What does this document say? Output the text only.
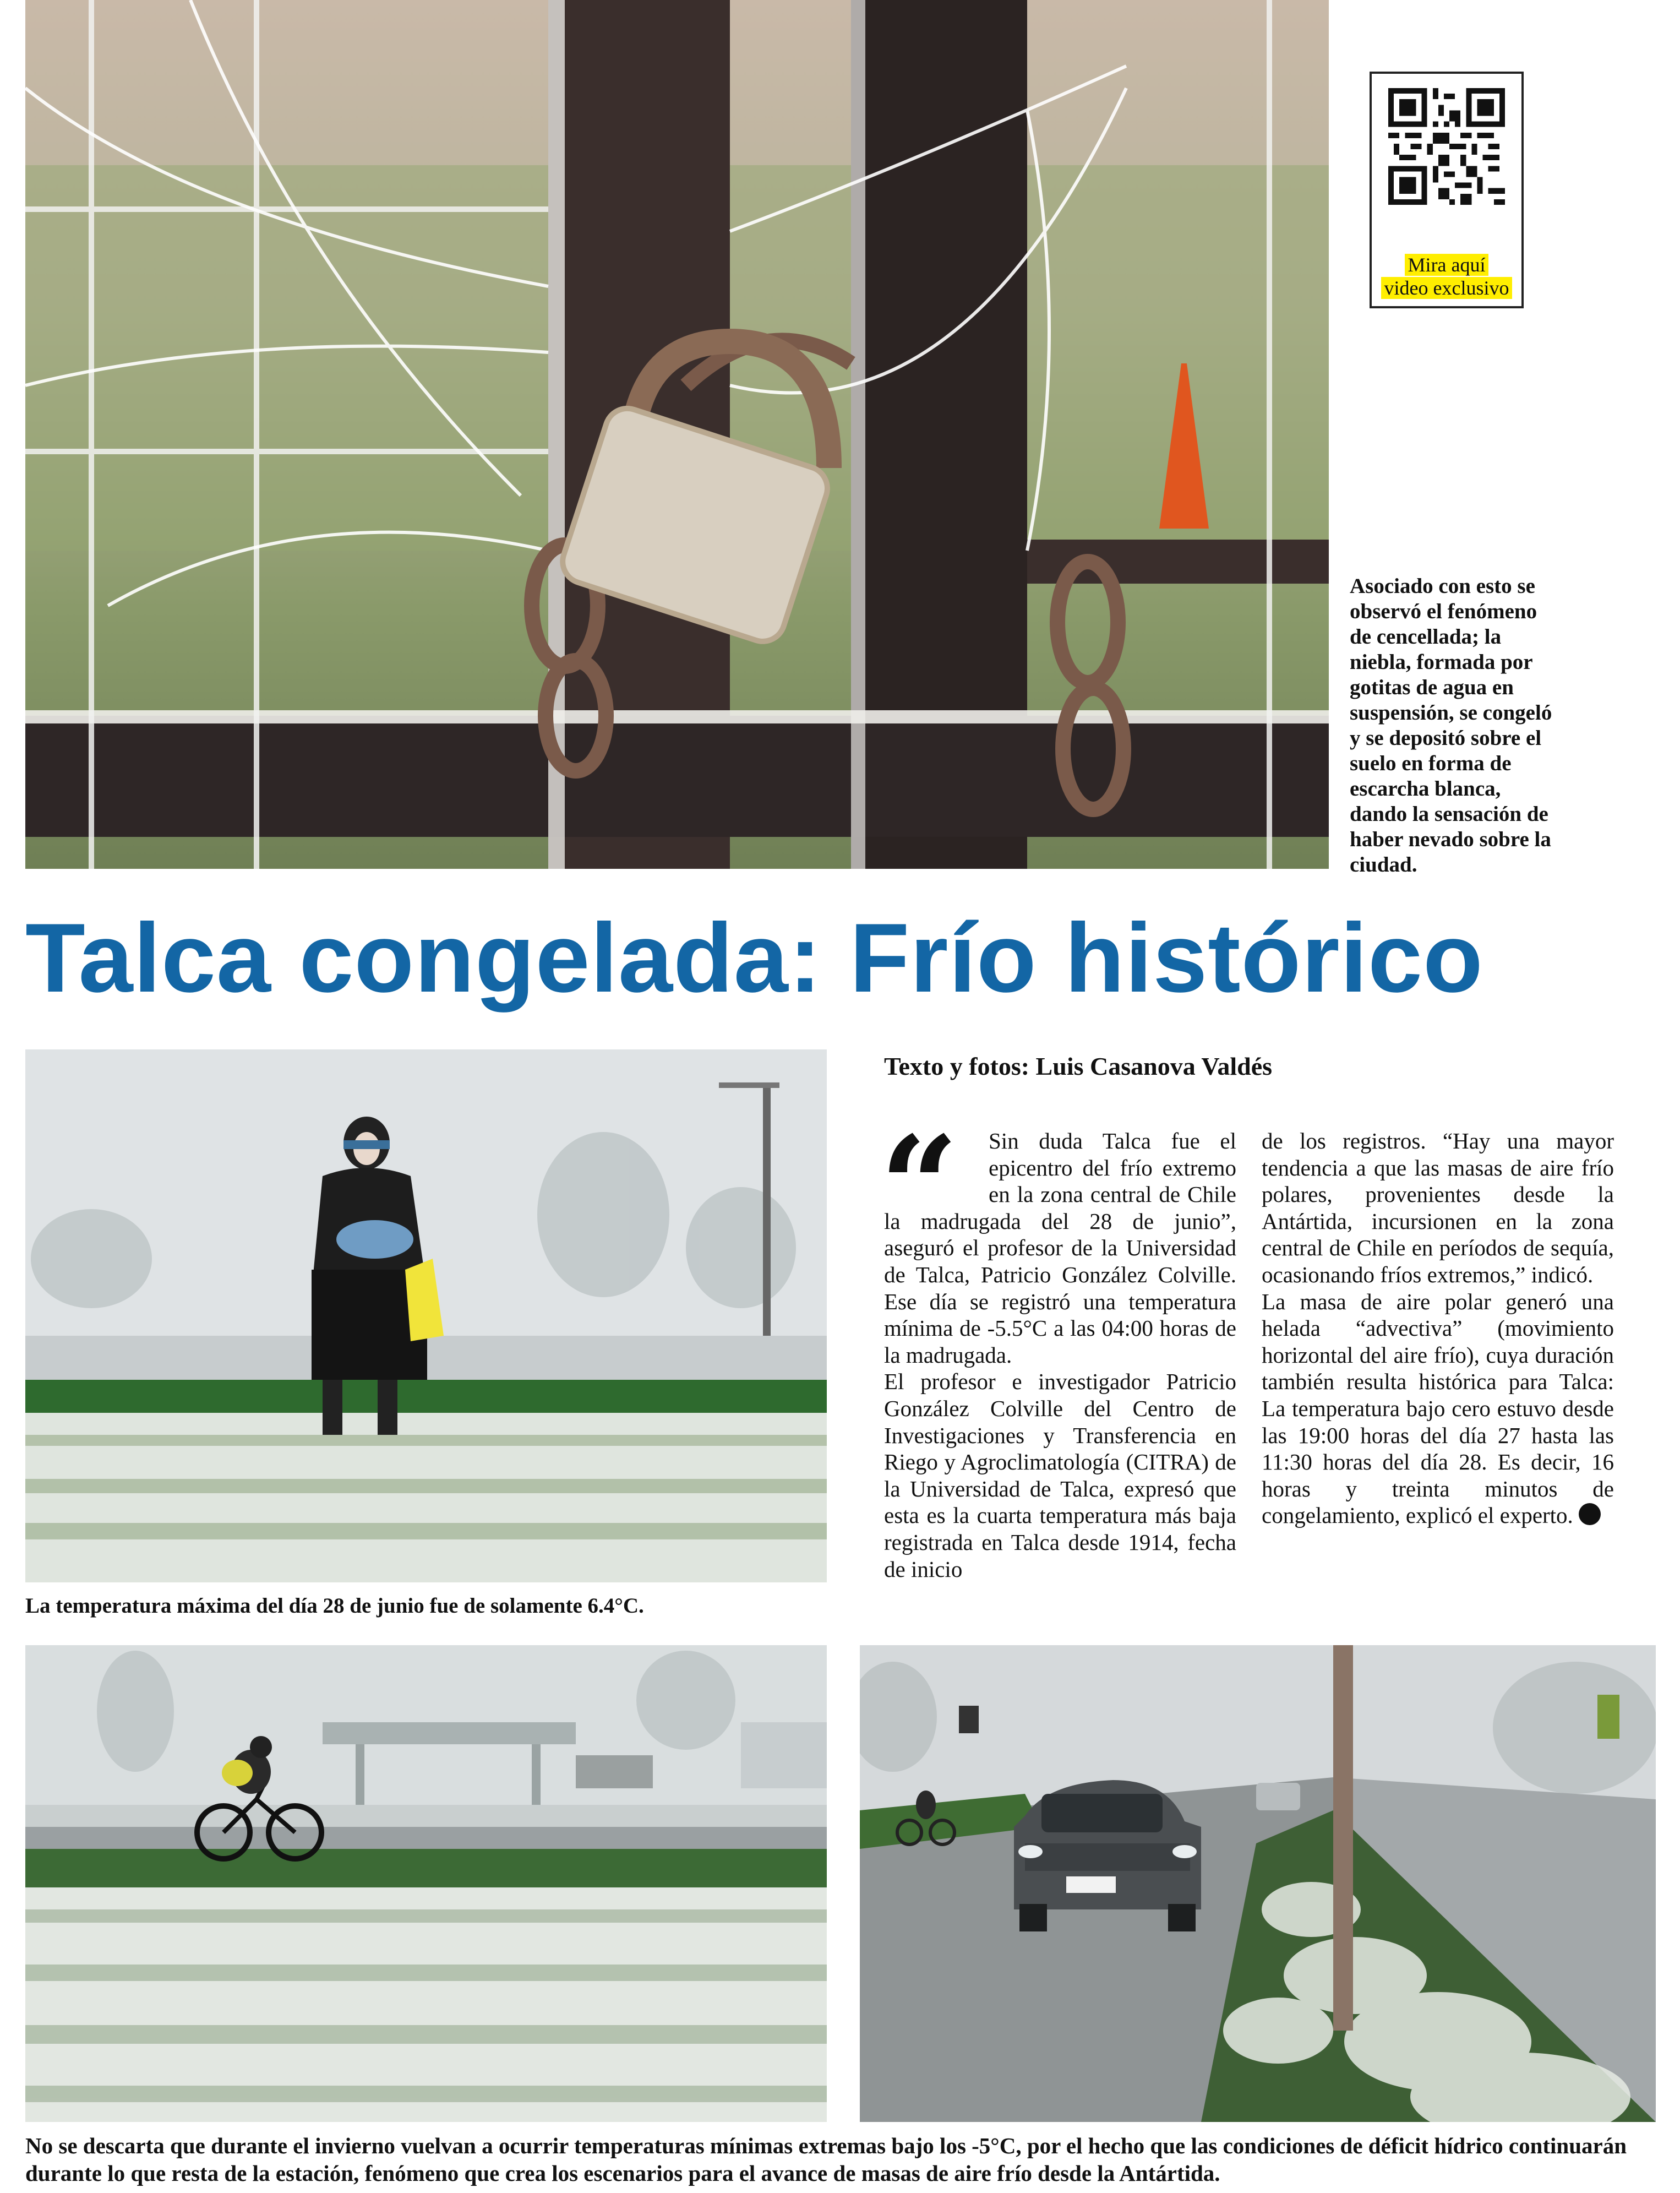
Mira aquí
video exclusivo
Asociado con esto se observó el fenómeno de cencellada; la niebla, formada por gotitas de agua en suspensión, se congeló y se depositó sobre el suelo en forma de escarcha blanca, dando la sensación de haber nevado sobre la ciudad.
Talca congelada: Frío histórico
La temperatura máxima del día 28 de junio fue de solamente 6.4°C.
Texto y fotos: Luis Casanova Valdés
“	Sin duda Talca fue el epicentro del frío extremo en la zona central de Chile la madrugada del 28 de junio”, aseguró el profesor de la Universidad de Talca, Patricio González Colville. Ese día se registró una temperatura mínima de -5.5°C a las 04:00 horas de la madrugada.

El profesor e investigador Patricio González Colville del Centro de Investigaciones y Transferencia en Riego y Agroclimatología (CITRA) de la Universidad de Talca, expresó que esta es la cuarta temperatura más baja registrada en Talca desde 1914, fecha de inicio

de los registros. “Hay una mayor tendencia a que las masas de aire frío polares, provenientes desde la Antártida, incursionen en la zona central de Chile en períodos de sequía, ocasionando fríos extremos,” indicó.

La masa de aire polar generó una helada “advectiva” (movimiento horizontal del aire frío), cuya duración también resulta histórica para Talca: La temperatura bajo cero estuvo desde las 19:00 horas del día 27 hasta las 11:30 horas del día 28. Es decir, 16 horas y treinta minutos de congelamiento, explicó el experto.

No se descarta que durante el invierno vuelvan a ocurrir temperaturas mínimas extremas bajo los -5°C, por el hecho que las condiciones de déficit hídrico continuarán durante lo que resta de la estación, fenómeno que crea los escenarios para el avance de masas de aire frío desde la Antártida.
